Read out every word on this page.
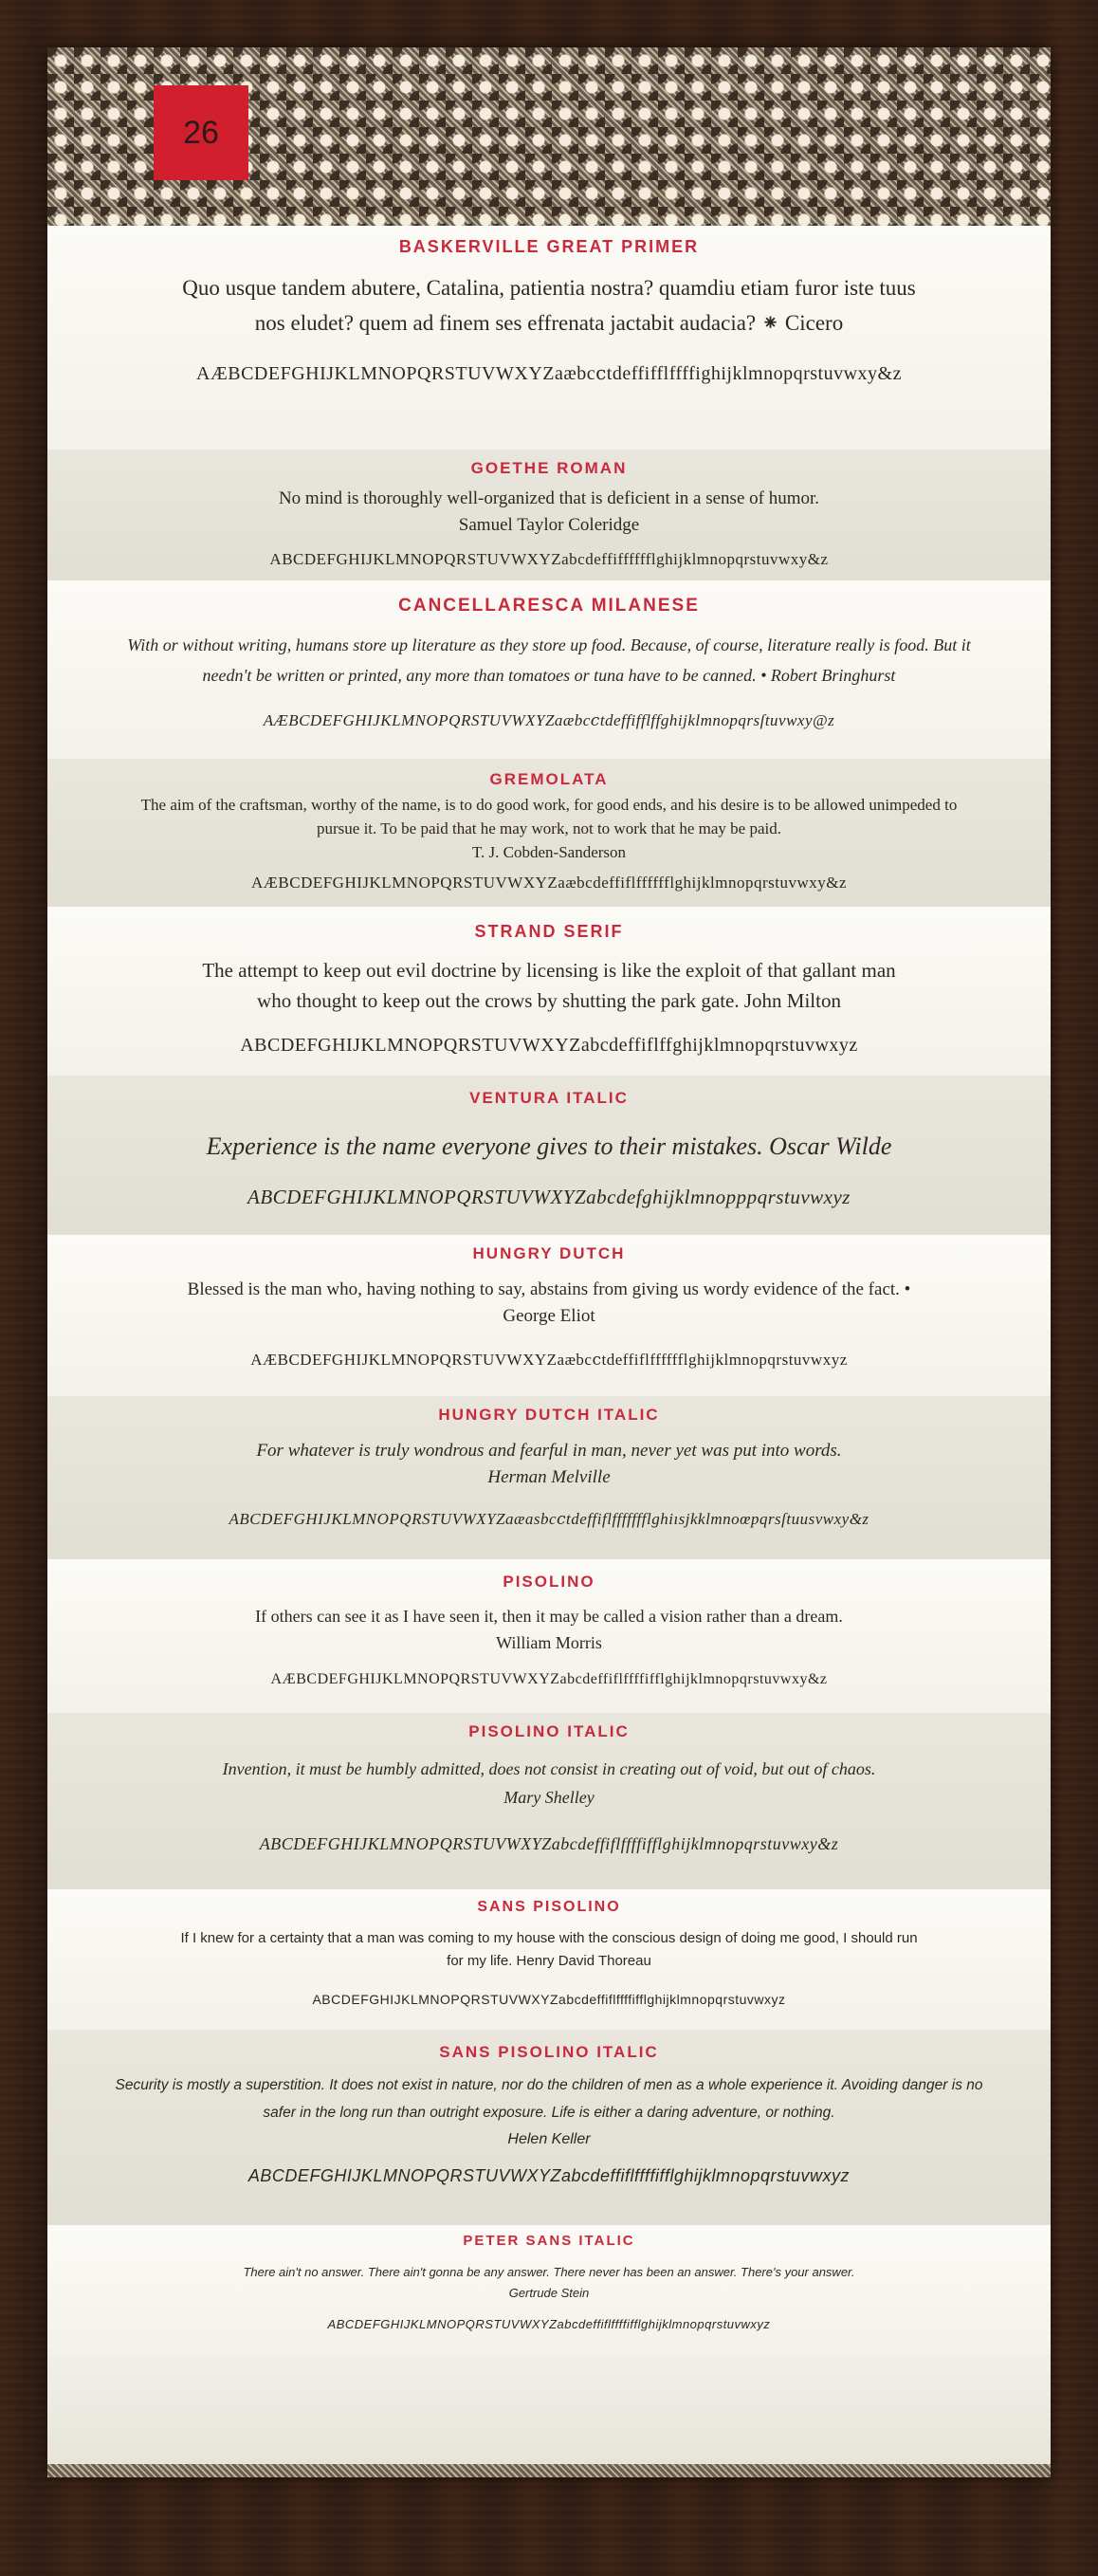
26
BASKERVILLE GREAT PRIMER

Quo usque tandem abutere, Catalina, patientia nostra? quamdiu etiam furor iste tuus nos eludet? quem ad finem ses effrenata jactabit audacia? ⁕ Cicero

AÆBCDEFGHIJKLMNOPQRSTUVWXYZaæbcⅽtdeffifflffffighijklmnopqrstuvwxy&z
GOETHE ROMAN

No mind is thoroughly well-organized that is deficient in a sense of humor.

Samuel Taylor Coleridge

ABCDEFGHIJKLMNOPQRSTUVWXYZabcdeffifffffflghijklmnopqrstuvwxy&z
CANCELLARESCA MILANESE

With or without writing, humans store up literature as they store up food. Because, of course, literature really is food. But it needn't be written or printed, any more than tomatoes or tuna have to be canned. • Robert Bringhurst

AÆBCDEFGHIJKLMNOPQRSTUVWXYZaæbcⅽtdeffifflffghijklmnopqrsſtuvwxy@z
GREMOLATA

The aim of the craftsman, worthy of the name, is to do good work, for good ends, and his desire is to be allowed unimpeded to pursue it. To be paid that he may work, not to work that he may be paid.

T. J. Cobden-Sanderson

AÆBCDEFGHIJKLMNOPQRSTUVWXYZaæbcdeffiflfffffflghijklmnopqrstuvwxy&z
STRAND SERIF

The attempt to keep out evil doctrine by licensing is like the exploit of that gallant man who thought to keep out the crows by shutting the park gate. John Milton

ABCDEFGHIJKLMNOPQRSTUVWXYZabcdeffiflffghijklmnopqrstuvwxyz
VENTURA ITALIC

Experience is the name everyone gives to their mistakes. Oscar Wilde

ABCDEFGHIJKLMNOPQRSTUVWXYZabcdefghijklmnopppqrstuvwxyz
HUNGRY DUTCH

Blessed is the man who, having nothing to say, abstains from giving us wordy evidence of the fact. • George Eliot

AÆBCDEFGHIJKLMNOPQRSTUVWXYZaæbcⅽtdeffiflfffffflghijklmnopqrstuvwxyz
HUNGRY DUTCH ITALIC

For whatever is truly wondrous and fearful in man, never yet was put into words.

Herman Melville

ABCDEFGHIJKLMNOPQRSTUVWXYZaæasbcⅽtdeffiflffffffflghiısjkklmnoœpqrsſtuusvwxy&z
PISOLINO

If others can see it as I have seen it, then it may be called a vision rather than a dream.

William Morris

AÆBCDEFGHIJKLMNOPQRSTUVWXYZabcdeffiflffffifflghijklmnopqrstuvwxy&z
PISOLINO ITALIC

Invention, it must be humbly admitted, does not consist in creating out of void, but out of chaos.

Mary Shelley

ABCDEFGHIJKLMNOPQRSTUVWXYZabcdeffiflffffifflghijklmnopqrstuvwxy&z
SANS PISOLINO

If I knew for a certainty that a man was coming to my house with the conscious design of doing me good, I should run for my life. Henry David Thoreau

ABCDEFGHIJKLMNOPQRSTUVWXYZabcdeffiflffffifflghijklmnopqrstuvwxyz
SANS PISOLINO ITALIC

Security is mostly a superstition. It does not exist in nature, nor do the children of men as a whole experience it. Avoiding danger is no safer in the long run than outright exposure. Life is either a daring adventure, or nothing.

Helen Keller

ABCDEFGHIJKLMNOPQRSTUVWXYZabcdeffiflffffifflghijklmnopqrstuvwxyz
PETER SANS ITALIC

There ain't no answer. There ain't gonna be any answer. There never has been an answer. There's your answer.

Gertrude Stein

ABCDEFGHIJKLMNOPQRSTUVWXYZabcdeffiflffffifflghijklmnopqrstuvwxyz
